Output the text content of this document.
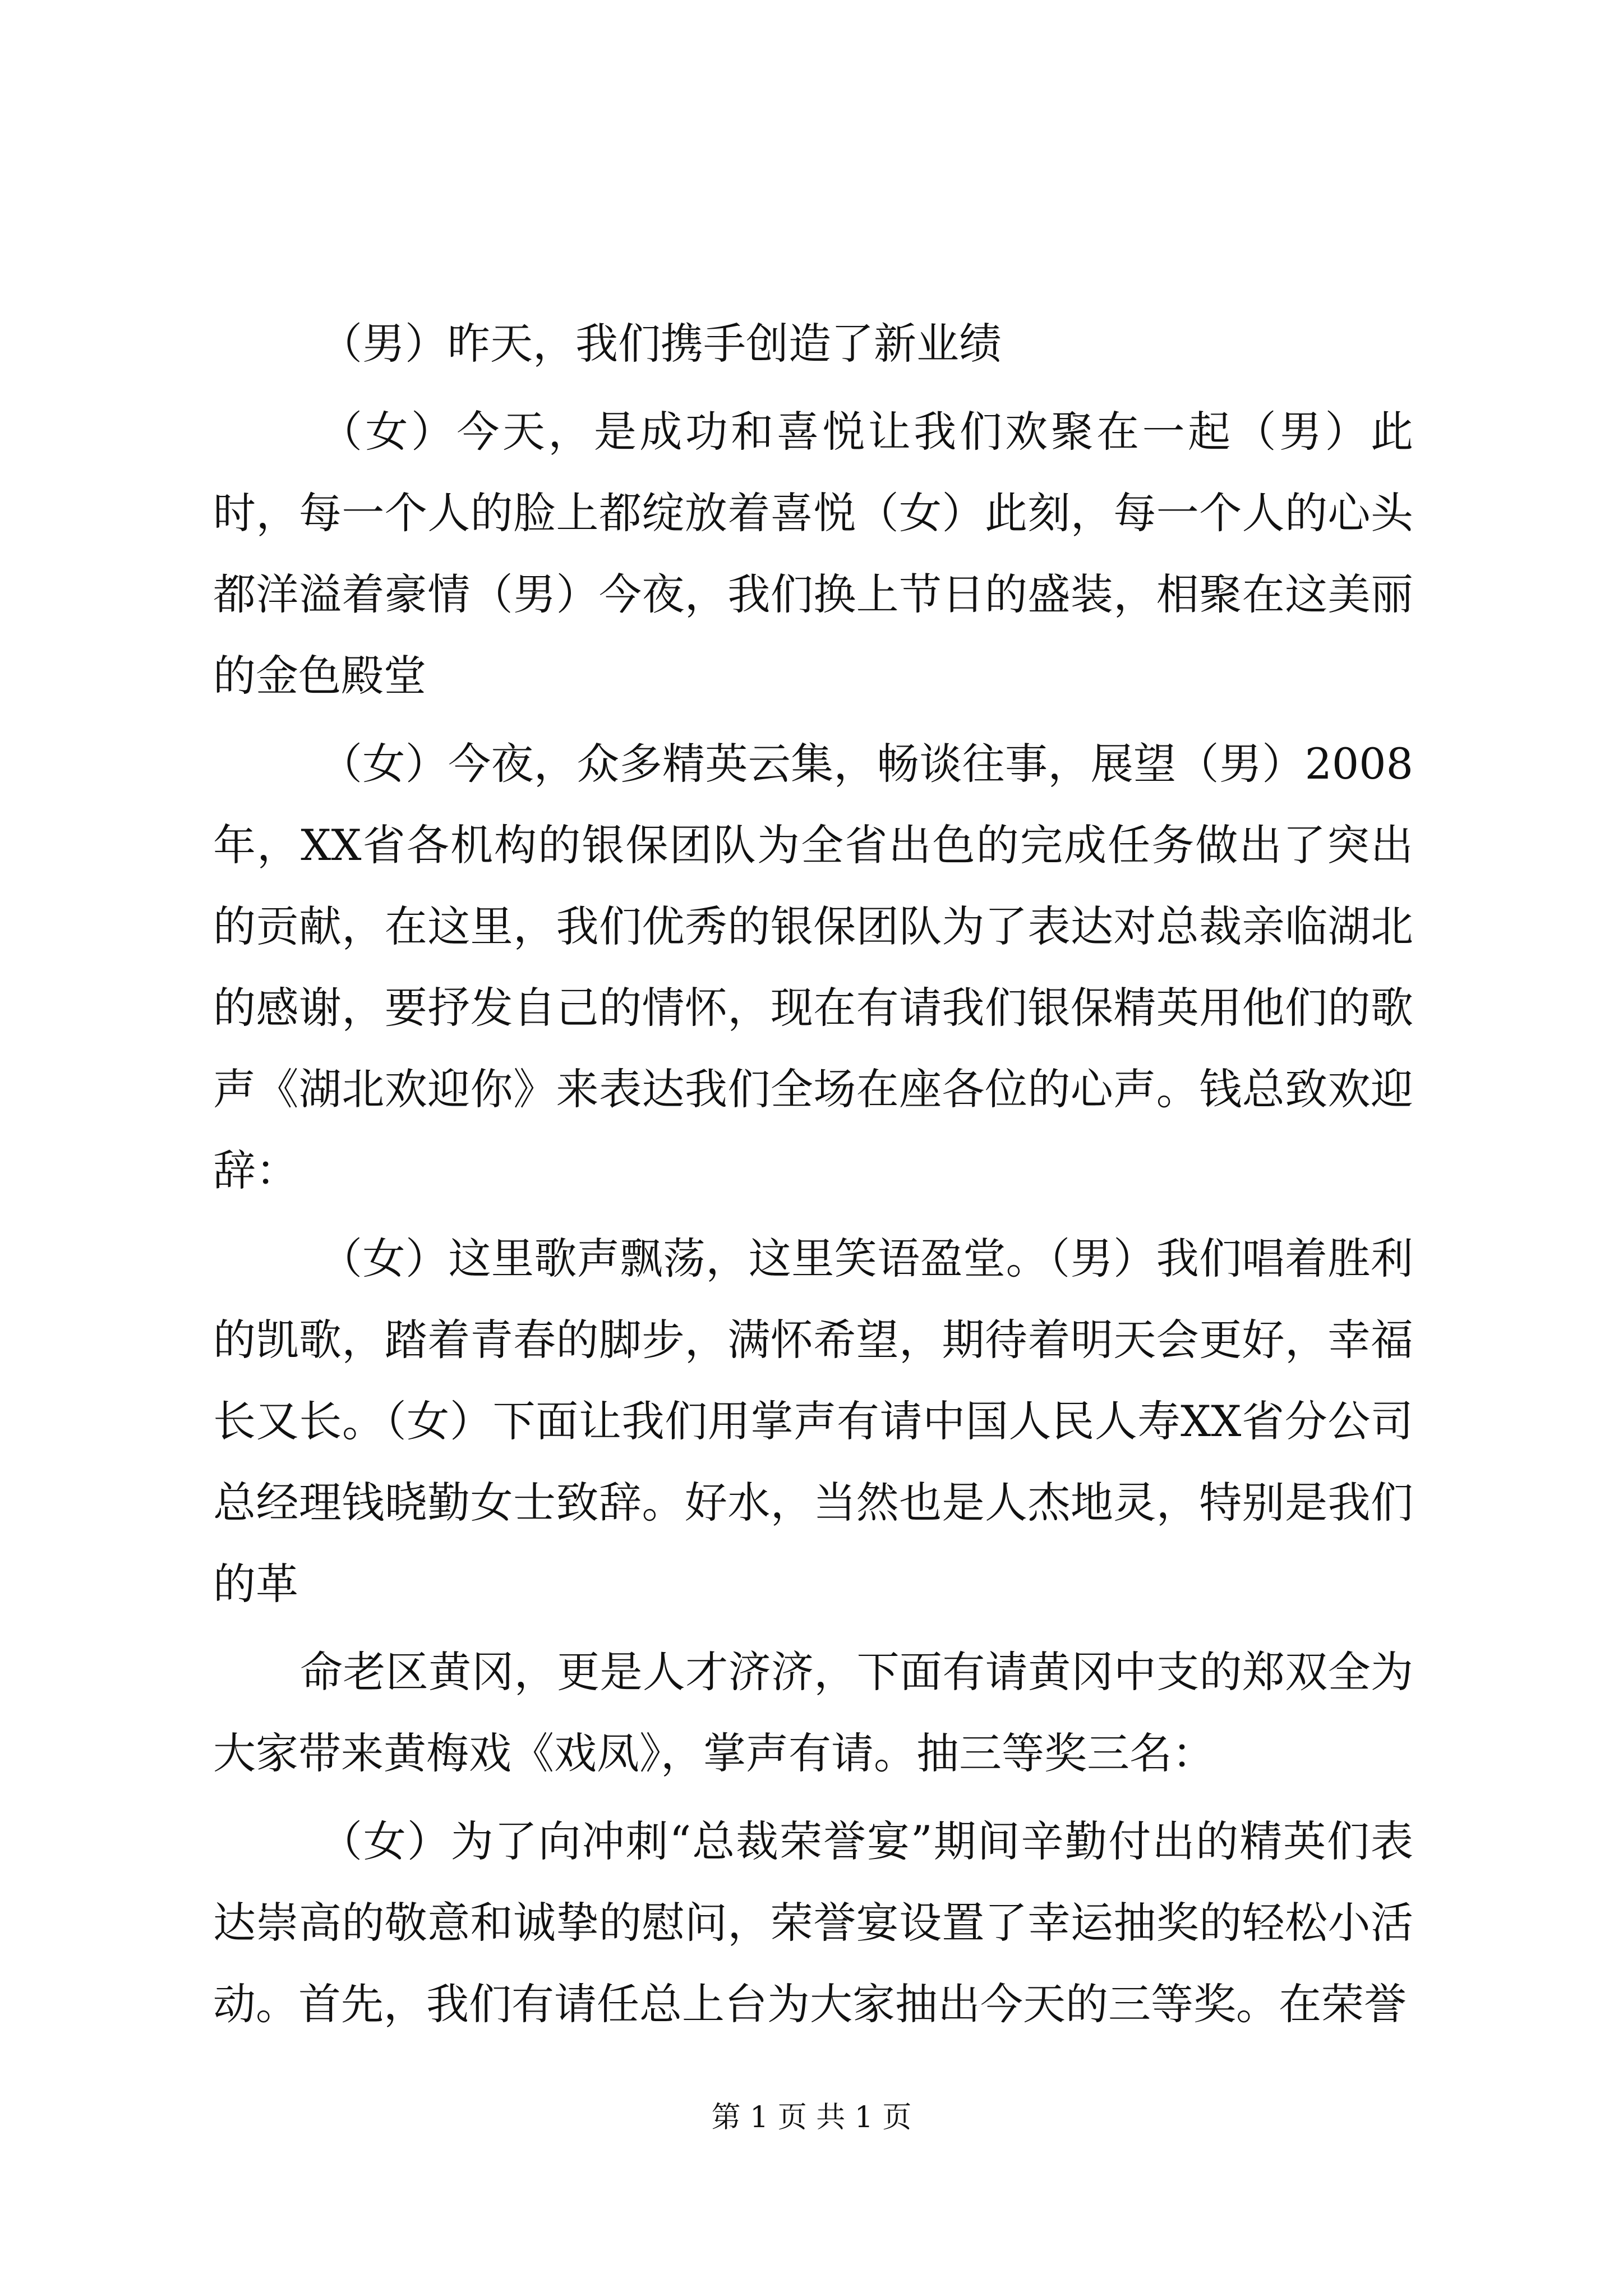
（男）昨天，我们携手创造了新业绩

（女）今天，是成功和喜悦让我们欢聚在一起（男）此时，每一个人的脸上都绽放着喜悦（女）此刻，每一个人的心头都洋溢着豪情（男）今夜，我们换上节日的盛装，相聚在这美丽的金色殿堂

（女）今夜，众多精英云集，畅谈往事，展望（男）2008年，XX省各机构的银保团队为全省出色的完成任务做出了突出的贡献，在这里，我们优秀的银保团队为了表达对总裁亲临湖北的感谢，要抒发自己的情怀，现在有请我们银保精英用他们的歌声《湖北欢迎你》来表达我们全场在座各位的心声。钱总致欢迎辞：

（女）这里歌声飘荡，这里笑语盈堂。（男）我们唱着胜利的凯歌，踏着青春的脚步，满怀希望，期待着明天会更好，幸福长又长。（女）下面让我们用掌声有请中国人民人寿XX省分公司总经理钱晓勤女士致辞。好水，当然也是人杰地灵，特别是我们的革

命老区黄冈，更是人才济济，下面有请黄冈中支的郑双全为大家带来黄梅戏《戏凤》，掌声有请。抽三等奖三名：

（女）为了向冲刺“总裁荣誉宴”期间辛勤付出的精英们表达崇高的敬意和诚挚的慰问，荣誉宴设置了幸运抽奖的轻松小活动。首先，我们有请任总上台为大家抽出今天的三等奖。在荣誉

第 1 页 共 1 页
